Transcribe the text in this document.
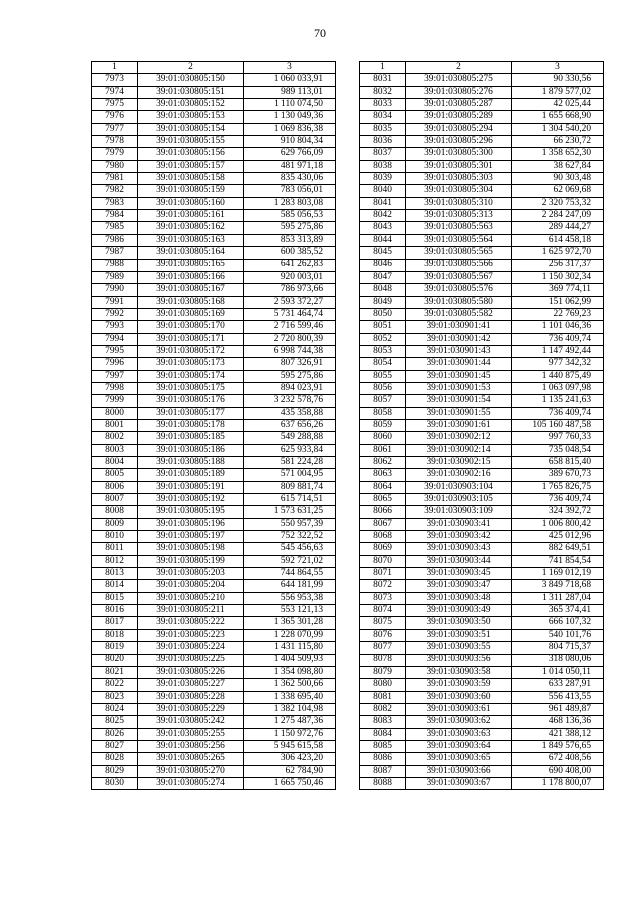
70
1	2	3
7973	39:01:030805:150	1 060 033,91
7974	39:01:030805:151	989 113,01
7975	39:01:030805:152	1 110 074,50
7976	39:01:030805:153	1 130 049,36
7977	39:01:030805:154	1 069 836,38
7978	39:01:030805:155	910 804,34
7979	39:01:030805:156	629 766,09
7980	39:01:030805:157	481 971,18
7981	39:01:030805:158	835 430,06
7982	39:01:030805:159	783 056,01
7983	39:01:030805:160	1 283 803,08
7984	39:01:030805:161	585 056,53
7985	39:01:030805:162	595 275,86
7986	39:01:030805:163	853 313,89
7987	39:01:030805:164	600 385,52
7988	39:01:030805:165	641 262,83
7989	39:01:030805:166	920 003,01
7990	39:01:030805:167	786 973,66
7991	39:01:030805:168	2 593 372,27
7992	39:01:030805:169	5 731 464,74
7993	39:01:030805:170	2 716 599,46
7994	39:01:030805:171	2 720 800,39
7995	39:01:030805:172	6 998 744,38
7996	39:01:030805:173	807 326,91
7997	39:01:030805:174	595 275,86
7998	39:01:030805:175	894 023,91
7999	39:01:030805:176	3 232 578,76
8000	39:01:030805:177	435 358,88
8001	39:01:030805:178	637 656,26
8002	39:01:030805:185	549 288,88
8003	39:01:030805:186	625 933,84
8004	39:01:030805:188	581 224,28
8005	39:01:030805:189	571 004,95
8006	39:01:030805:191	809 881,74
8007	39:01:030805:192	615 714,51
8008	39:01:030805:195	1 573 631,25
8009	39:01:030805:196	550 957,39
8010	39:01:030805:197	752 322,52
8011	39:01:030805:198	545 456,63
8012	39:01:030805:199	592 721,02
8013	39:01:030805:203	744 864,55
8014	39:01:030805:204	644 181,99
8015	39:01:030805:210	556 953,38
8016	39:01:030805:211	553 121,13
8017	39:01:030805:222	1 365 301,28
8018	39:01:030805:223	1 228 070,99
8019	39:01:030805:224	1 431 115,80
8020	39:01:030805:225	1 404 509,93
8021	39:01:030805:226	1 354 098,80
8022	39:01:030805:227	1 362 500,66
8023	39:01:030805:228	1 338 695,40
8024	39:01:030805:229	1 382 104,98
8025	39:01:030805:242	1 275 487,36
8026	39:01:030805:255	1 150 972,76
8027	39:01:030805:256	5 945 615,58
8028	39:01:030805:265	306 423,20
8029	39:01:030805:270	62 784,90
8030	39:01:030805:274	1 665 750,46
1	2	3
8031	39:01:030805:275	90 330,56
8032	39:01:030805:276	1 879 577,02
8033	39:01:030805:287	42 025,44
8034	39:01:030805:289	1 655 668,90
8035	39:01:030805:294	1 304 540,20
8036	39:01:030805:296	66 230,72
8037	39:01:030805:300	1 358 652,30
8038	39:01:030805:301	38 627,84
8039	39:01:030805:303	90 303,48
8040	39:01:030805:304	62 069,68
8041	39:01:030805:310	2 320 753,32
8042	39:01:030805:313	2 284 247,09
8043	39:01:030805:563	289 444,27
8044	39:01:030805:564	614 458,18
8045	39:01:030805:565	1 625 972,70
8046	39:01:030805:566	256 317,37
8047	39:01:030805:567	1 150 302,34
8048	39:01:030805:576	369 774,11
8049	39:01:030805:580	151 062,99
8050	39:01:030805:582	22 769,23
8051	39:01:030901:41	1 101 046,36
8052	39:01:030901:42	736 409,74
8053	39:01:030901:43	1 147 492,44
8054	39:01:030901:44	977 342,32
8055	39:01:030901:45	1 440 875,49
8056	39:01:030901:53	1 063 097,98
8057	39:01:030901:54	1 135 241,63
8058	39:01:030901:55	736 409,74
8059	39:01:030901:61	105 160 487,58
8060	39:01:030902:12	997 760,33
8061	39:01:030902:14	735 048,54
8062	39:01:030902:15	658 815,40
8063	39:01:030902:16	389 670,73
8064	39:01:030903:104	1 765 826,75
8065	39:01:030903:105	736 409,74
8066	39:01:030903:109	324 392,72
8067	39:01:030903:41	1 006 800,42
8068	39:01:030903:42	425 012,96
8069	39:01:030903:43	882 649,51
8070	39:01:030903:44	741 854,54
8071	39:01:030903:45	1 169 012,19
8072	39:01:030903:47	3 849 718,68
8073	39:01:030903:48	1 311 287,04
8074	39:01:030903:49	365 374,41
8075	39:01:030903:50	666 107,32
8076	39:01:030903:51	540 101,76
8077	39:01:030903:55	804 715,37
8078	39:01:030903:56	318 080,06
8079	39:01:030903:58	1 014 050,11
8080	39:01:030903:59	633 287,91
8081	39:01:030903:60	556 413,55
8082	39:01:030903:61	961 489,87
8083	39:01:030903:62	468 136,36
8084	39:01:030903:63	421 388,12
8085	39:01:030903:64	1 849 576,65
8086	39:01:030903:65	672 408,56
8087	39:01:030903:66	690 408,00
8088	39:01:030903:67	1 178 800,07
